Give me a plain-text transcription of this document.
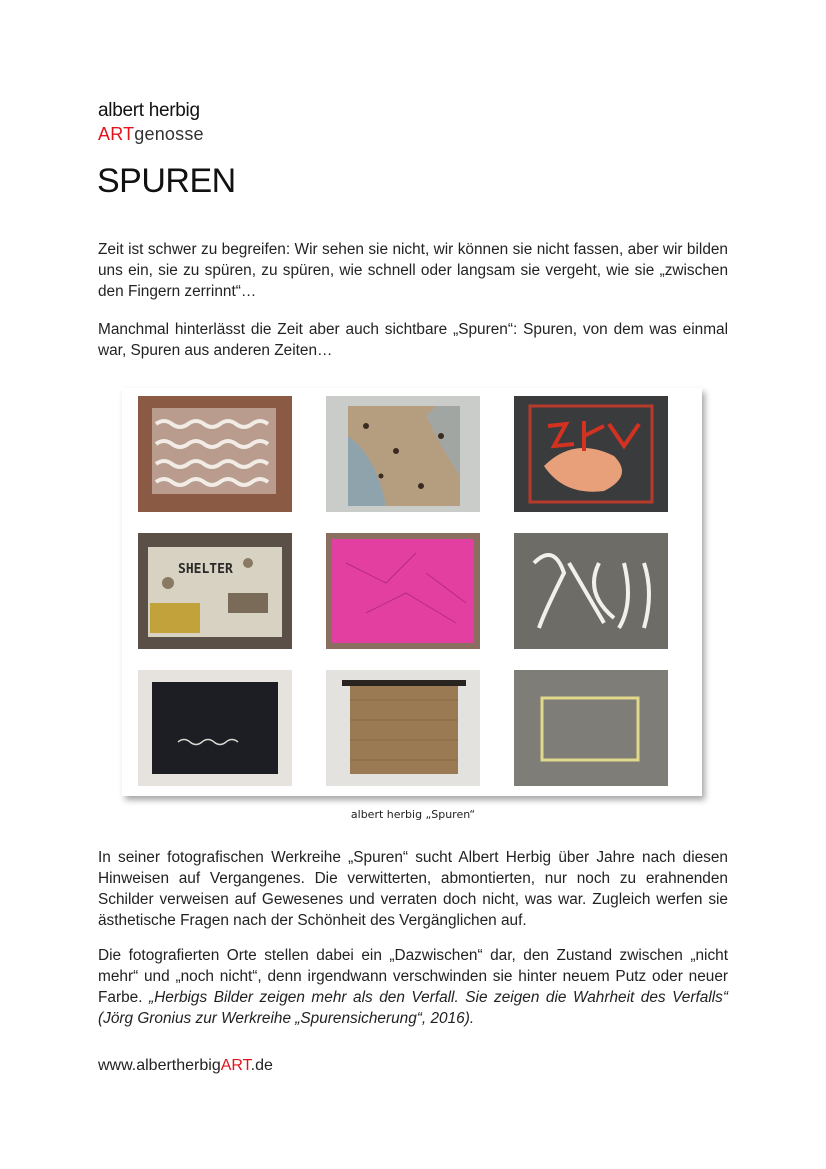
albert herbig
ARTgenosse
SPUREN

Zeit ist schwer zu begreifen: Wir sehen sie nicht, wir können sie nicht fassen, aber wir bilden uns ein, sie zu spüren, zu spüren, wie schnell oder langsam sie vergeht, wie sie „zwischen den Fingern zerrinnt“…

Manchmal hinterlässt die Zeit aber auch sichtbare „Spuren“: Spuren, von dem was einmal war, Spuren aus anderen Zeiten…

SHELTER
albert herbig „Spuren“

In seiner fotografischen Werkreihe „Spuren“ sucht Albert Herbig über Jahre nach diesen Hinweisen auf Vergangenes. Die verwitterten, abmontierten, nur noch zu erahnenden Schilder verweisen auf Gewesenes und verraten doch nicht, was war. Zugleich werfen sie ästhetische Fragen nach der Schönheit des Vergänglichen auf.

Die fotografierten Orte stellen dabei ein „Dazwischen“ dar, den Zustand zwischen „nicht mehr“ und „noch nicht“, denn irgendwann verschwinden sie hinter neuem Putz oder neuer Farbe. „Herbigs Bilder zeigen mehr als den Verfall. Sie zeigen die Wahrheit des Verfalls“ (Jörg Gronius zur Werkreihe „Spurensicherung“, 2016).

www.albertherbigART.de
